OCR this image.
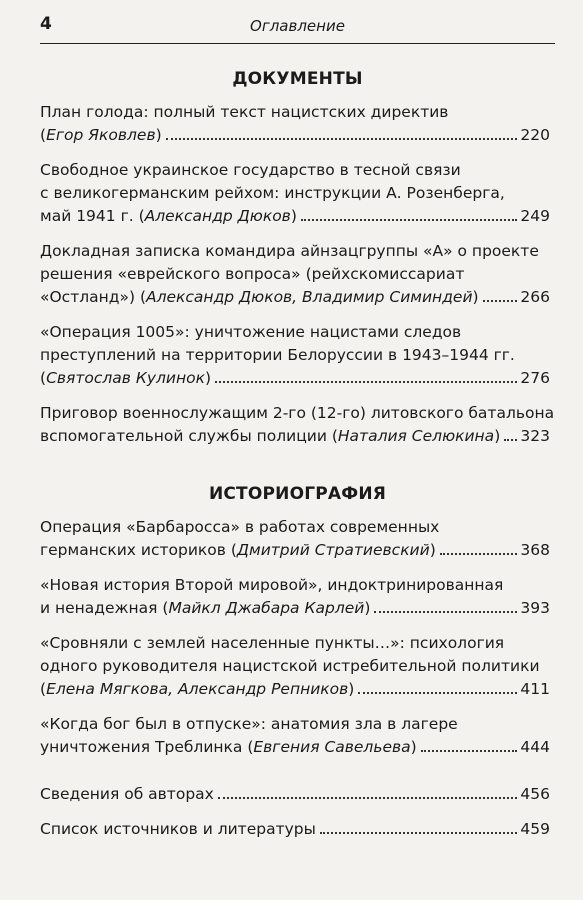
4	Оглавление
ДОКУМЕНТЫ
План голода: полный текст нацистских директив
( Егор Яковлев )	220
Свободное украинское государство в тесной связи
с великогерманским рейхом: инструкции А. Розенберга,
май 1941 г. ( Александр Дюков )	249
Докладная записка командира айнзацгруппы «А» о проекте
решения «еврейского вопроса» (рейхскомиссариат
«Остланд») ( Александр Дюков, Владимир Симиндей )	266
«Операция 1005»: уничтожение нацистами следов
преступлений на территории Белоруссии в 1943–1944 гг.
( Святослав Кулинок )	276
Приговор военнослужащим 2-го (12-го) литовского батальона
вспомогательной службы полиции ( Наталия Селюкина ) 323
ИСТОРИОГРАФИЯ
Операция «Барбаросса» в работах современных
германских историков ( Дмитрий Стратиевский )	368
«Новая история Второй мировой», индоктринированная
и ненадежная ( Майкл Джабара Карлей )	393
«Сровняли с землей населенные пункты…»: психология
одного руководителя нацистской истребительной политики
( Елена Мягкова, Александр Репников )	411
«Когда бог был в отпуске»: анатомия зла в лагере
уничтожения Треблинка ( Евгения Савельева )	444
Сведения об авторах	456
Список источников и литературы	459
